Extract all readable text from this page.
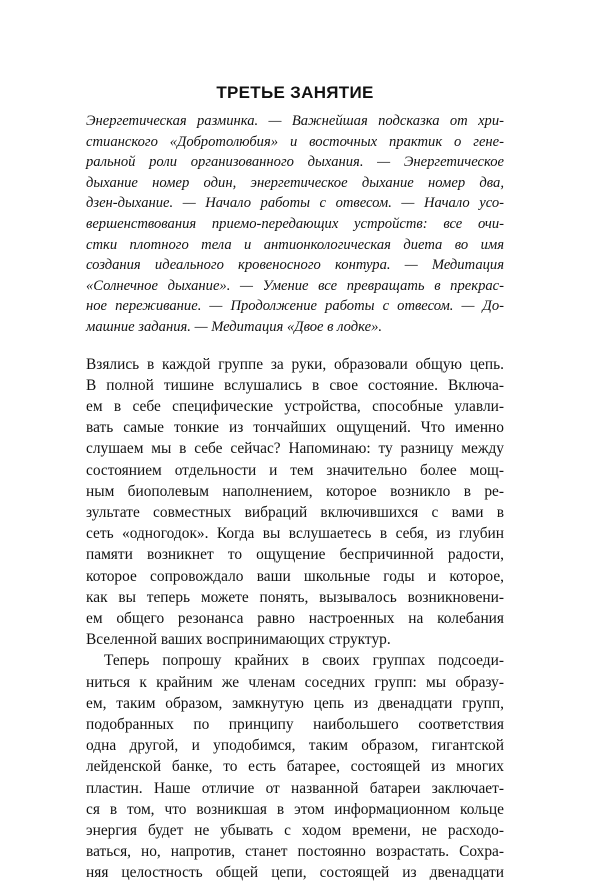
ТРЕТЬЕ ЗАНЯТИЕ
Энергетическая разминка. — Важнейшая подсказка от хри-
стианского «Добротолюбия» и восточных практик о гене-
ральной роли организованного дыхания. — Энергетическое
дыхание номер один, энергетическое дыхание номер два,
дзен-дыхание. — Начало работы с отвесом. — Начало усо-
вершенствования приемо-передающих устройств: все очи-
стки плотного тела и антионкологическая диета во имя
создания идеального кровеносного контура. — Медитация
«Солнечное дыхание». — Умение все превращать в прекрас-
ное переживание. — Продолжение работы с отвесом. — До-
машние задания. — Медитация «Двое в лодке».
Взялись в каждой группе за руки, образовали общую цепь.
В полной тишине вслушались в свое состояние. Включа-
ем в себе специфические устройства, способные улавли-
вать самые тонкие из тончайших ощущений. Что именно
слушаем мы в себе сейчас? Напоминаю: ту разницу между
состоянием отдельности и тем значительно более мощ-
ным биополевым наполнением, которое возникло в ре-
зультате совместных вибраций включившихся с вами в
сеть «одногодок». Когда вы вслушаетесь в себя, из глубин
памяти возникнет то ощущение беспричинной радости,
которое сопровождало ваши школьные годы и которое,
как вы теперь можете понять, вызывалось возникновени-
ем общего резонанса равно настроенных на колебания
Вселенной ваших воспринимающих структур.
Теперь попрошу крайних в своих группах подсоеди-
ниться к крайним же членам соседних групп: мы образу-
ем, таким образом, замкнутую цепь из двенадцати групп,
подобранных по принципу наибольшего соответствия
одна другой, и уподобимся, таким образом, гигантской
лейденской банке, то есть батарее, состоящей из многих
пластин. Наше отличие от названной батареи заключает-
ся в том, что возникшая в этом информационном кольце
энергия будет не убывать с ходом времени, не расходо-
ваться, но, напротив, станет постоянно возрастать. Сохра-
няя целостность общей цепи, состоящей из двенадцати
